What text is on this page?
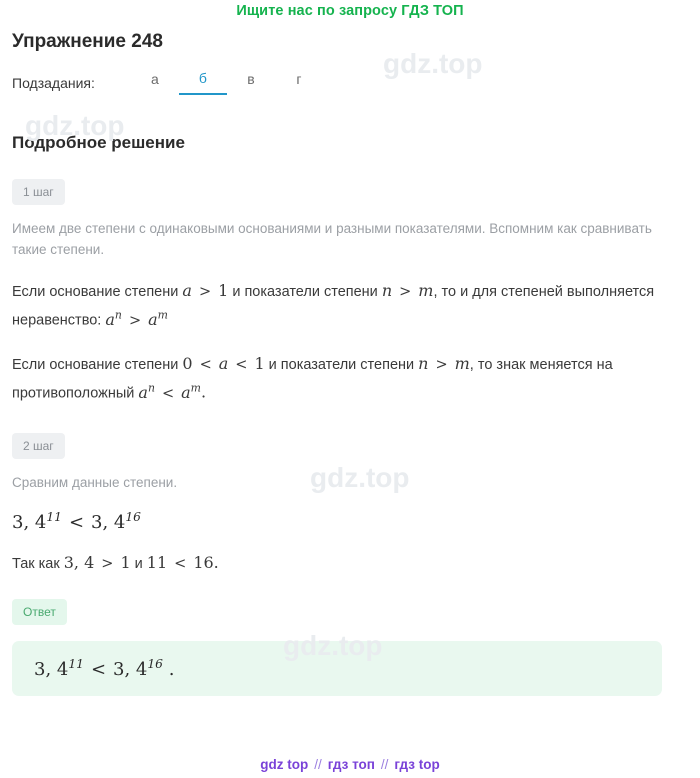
Ищите нас по запросу ГДЗ ТОП
Упражнение 248
Подзадания:	а	б	в	г
Подробное решение
1 шаг
Имеем две степени с одинаковыми основаниями и разными показателями. Вспомним как сравнивать такие степени.
Если основание степени a > 1 и показатели степени n > m, то и для степеней выполняется неравенство: $a^n > a^m$
Если основание степени 0 < a < 1 и показатели степени n > m, то знак меняется на противоположный $a^n < a^m$.
2 шаг
Сравним данные степени.
3, $4^{11} < 3$, $4^{16}$
Так как 3, 4 > 1 и 11 < 16.
Ответ
3, $4^{11} < 3$, $4^{16}$ .
gdz.top
gdz.top
gdz.top
gdz.top
gdz top // гдз топ // гдз top
